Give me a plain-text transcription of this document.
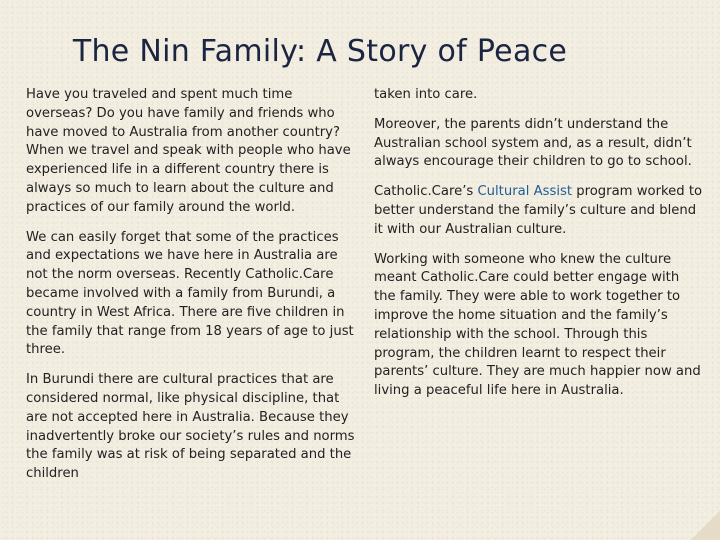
The Nin Family: A Story of Peace

Have you traveled and spent much time overseas? Do you have family and friends who have moved to Australia from another country? When we travel and speak with people who have experienced life in a different country there is always so much to learn about the culture and practices of our family around the world.

We can easily forget that some of the practices and expectations we have here in Australia are not the norm overseas. Recently Catholic.Care became involved with a family from Burundi, a country in West Africa. There are five children in the family that range from 18 years of age to just three.

In Burundi there are cultural practices that are considered normal, like physical discipline, that are not accepted here in Australia. Because they inadvertently broke our society’s rules and norms the family was at risk of being separated and the children

taken into care.

Moreover, the parents didn’t understand the Australian school system and, as a result, didn’t always encourage their children to go to school.

Catholic.Care’s Cultural Assist program worked to better understand the family’s culture and blend it with our Australian culture.

Working with someone who knew the culture meant Catholic.Care could better engage with the family. They were able to work together to improve the home situation and the family’s relationship with the school. Through this program, the children learnt to respect their parents’ culture. They are much happier now and living a peaceful life here in Australia.
